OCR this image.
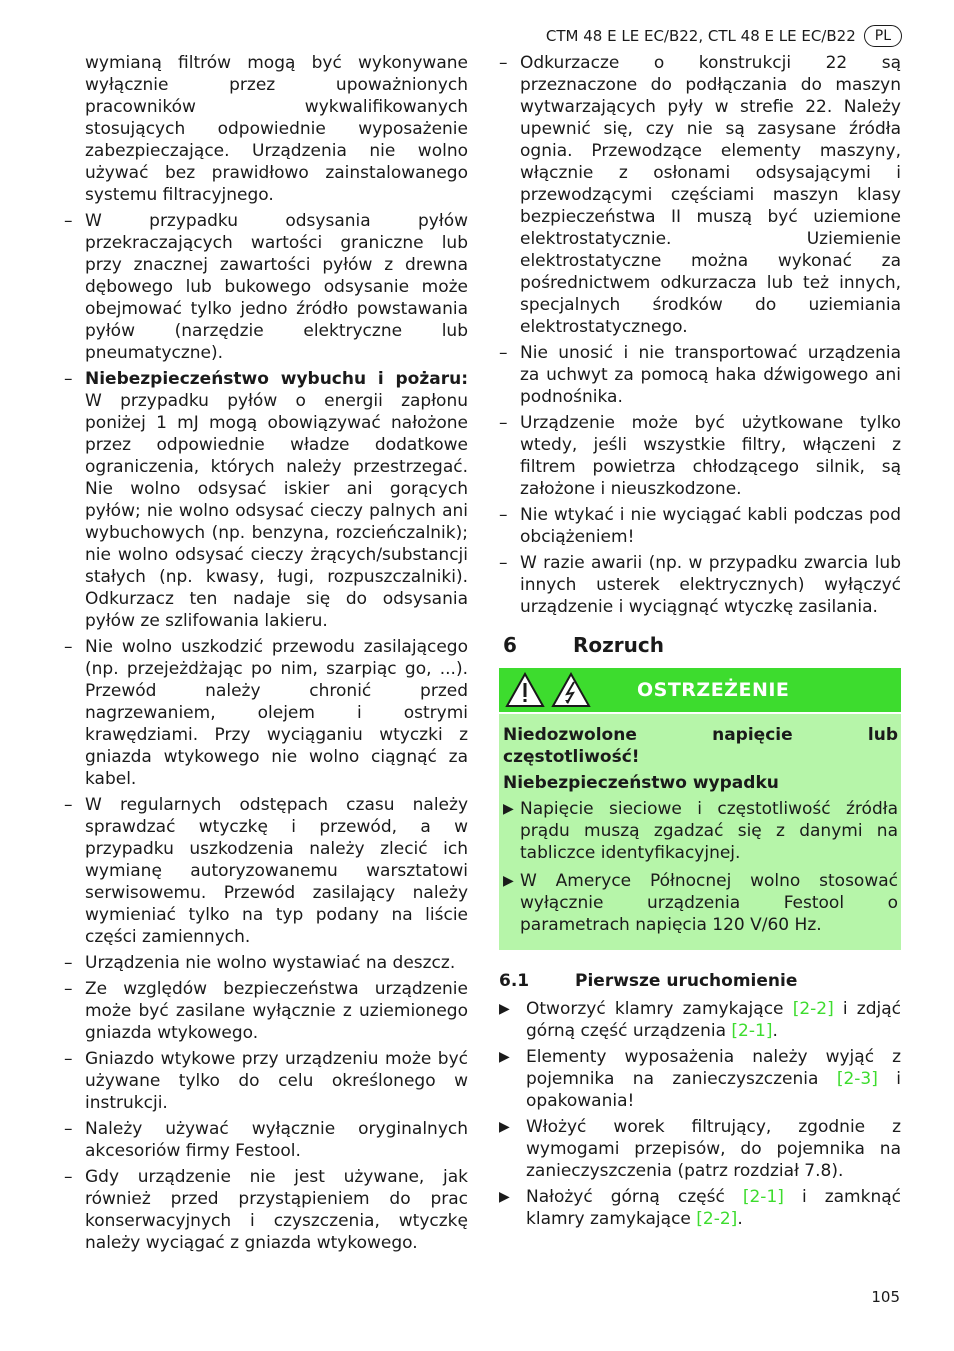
CTM 48 E LE EC/B22, CTL 48 E LE EC/B22	PL
wymianą filtrów mogą być wykonywane wyłącznie przez upoważnionych pracowników wykwalifikowanych stosujących odpowiednie wyposażenie zabezpieczające. Urządzenia nie wolno używać bez prawidłowo zainstalowanego systemu filtracyjnego.
– W przypadku odsysania pyłów przekraczających wartości graniczne lub przy znacznej zawartości pyłów z drewna dębowego lub bukowego odsysanie może obejmować tylko jedno źródło powstawania pyłów (narzędzie elektryczne lub pneumatyczne).
– Niebezpieczeństwo wybuchu i pożaru: W przypadku pyłów o energii zapłonu poniżej 1 mJ mogą obowiązywać nałożone przez odpowiednie władze dodatkowe ograniczenia, których należy przestrzegać. Nie wolno odsysać iskier ani gorących pyłów; nie wolno odsysać cieczy palnych ani wybuchowych (np. benzyna, rozcieńczalnik); nie wolno odsysać cieczy żrących/substancji stałych (np. kwasy, ługi, rozpuszczalniki). Odkurzacz ten nadaje się do odsysania pyłów ze szlifowania lakieru.
– Nie wolno uszkodzić przewodu zasilającego (np. przejeżdżając po nim, szarpiąc go, ...). Przewód należy chronić przed nagrzewaniem, olejem i ostrymi krawędziami. Przy wyciąganiu wtyczki z gniazda wtykowego nie wolno ciągnąć za kabel.
– W regularnych odstępach czasu należy sprawdzać wtyczkę i przewód, a w przypadku uszkodzenia należy zlecić ich wymianę autoryzowanemu warsztatowi serwisowemu. Przewód zasilający należy wymieniać tylko na typ podany na liście części zamiennych.
– Urządzenia nie wolno wystawiać na deszcz.
– Ze względów bezpieczeństwa urządzenie może być zasilane wyłącznie z uziemionego gniazda wtykowego.
– Gniazdo wtykowe przy urządzeniu może być używane tylko do celu określonego w instrukcji.
– Należy używać wyłącznie oryginalnych akcesoriów firmy Festool.
– Gdy urządzenie nie jest używane, jak również przed przystąpieniem do prac konserwacyjnych i czyszczenia, wtyczkę należy wyciągać z gniazda wtykowego.
– Odkurzacze o konstrukcji 22 są przeznaczone do podłączania do maszyn wytwarzających pyły w strefie 22. Należy upewnić się, czy nie są zasysane źródła ognia. Przewodzące elementy maszyny, włącznie z osłonami odsysającymi i przewodzącymi częściami maszyn klasy bezpieczeństwa II muszą być uziemione elektrostatycznie. Uziemienie elektrostatyczne można wykonać za pośrednictwem odkurzacza lub też innych, specjalnych środków do uziemiania elektrostatycznego.
– Nie unosić i nie transportować urządzenia za uchwyt za pomocą haka dźwigowego ani podnośnika.
– Urządzenie może być użytkowane tylko wtedy, jeśli wszystkie filtry, włączeni z filtrem powietrza chłodzącego silnik, są założone i nieuszkodzone.
– Nie wtykać i nie wyciągać kabli podczas pod obciążeniem!
– W razie awarii (np. w przypadku zwarcia lub innych usterek elektrycznych) wyłączyć urządzenie i wyciągnąć wtyczkę zasilania.
6	Rozruch
OSTRZEŻENIE

Niedozwolone napięcie lub częstotliwość!

Niebezpieczeństwo wypadku

▶ Napięcie sieciowe i częstotliwość źródła prądu muszą zgadzać się z danymi na tabliczce identyfikacyjnej.
▶ W Ameryce Północnej wolno stosować wyłącznie urządzenia Festool o parametrach napięcia 120 V/60 Hz.
6.1	Pierwsze uruchomienie
▶ Otworzyć klamry zamykające [2-2] i zdjąć górną część urządzenia [2-1].
▶ Elementy wyposażenia należy wyjąć z pojemnika na zanieczyszczenia [2-3] i opakowania!
▶ Włożyć worek filtrujący, zgodnie z wymogami przepisów, do pojemnika na zanieczyszczenia (patrz rozdział 7.8).
▶ Nałożyć górną część [2-1] i zamknąć klamry zamykające [2-2].
105
